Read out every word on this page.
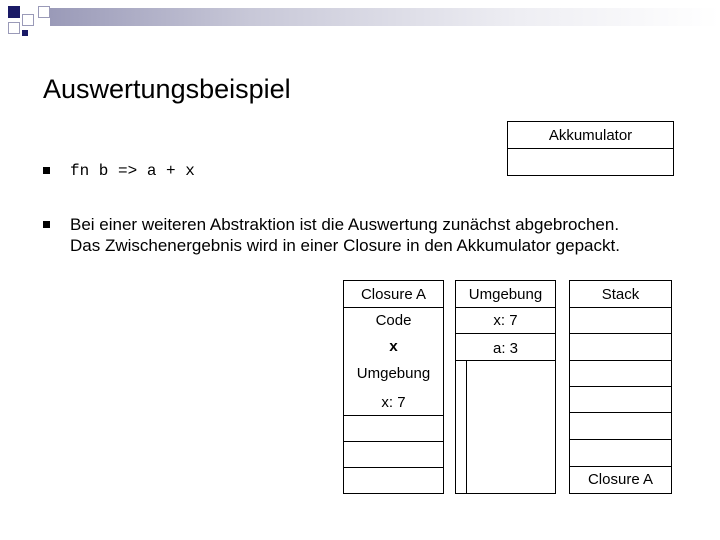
Auswertungsbeispiel
Akkumulator
fn b => a + x
Bei einer weiteren Abstraktion ist die Auswertung zunächst abgebrochen.
Das Zwischenergebnis wird in einer Closure in den Akkumulator gepackt.
Closure A
Code
x
Umgebung
x: 7
Umgebung
x: 7
a: 3
Stack
Closure A
